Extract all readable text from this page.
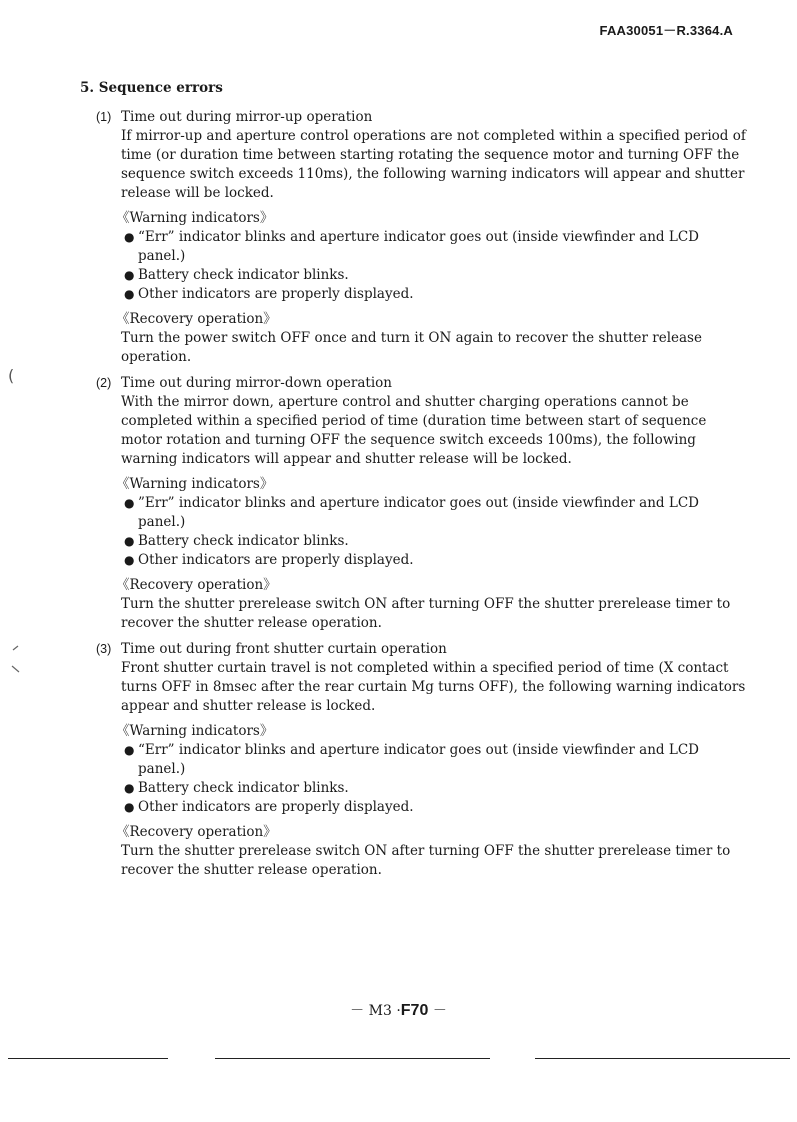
FAA30051－R.3364.A
5. Sequence errors
(1) Time out during mirror-up operation
If mirror-up and aperture control operations are not completed within a specified period of time (or duration time between starting rotating the sequence motor and turning OFF the sequence switch exceeds 110ms), the following warning indicators will appear and shutter release will be locked.
《Warning indicators》
● “Err” indicator blinks and aperture indicator goes out (inside viewfinder and LCD panel.)
● Battery check indicator blinks.
● Other indicators are properly displayed.
《Recovery operation》
Turn the power switch OFF once and turn it ON again to recover the shutter release operation.
(2) Time out during mirror-down operation
With the mirror down, aperture control and shutter charging operations cannot be completed within a specified period of time (duration time between start of sequence motor rotation and turning OFF the sequence switch exceeds 100ms), the following warning indicators will appear and shutter release will be locked.
《Warning indicators》
● ”Err” indicator blinks and aperture indicator goes out (inside viewfinder and LCD panel.)
● Battery check indicator blinks.
● Other indicators are properly displayed.
《Recovery operation》
Turn the shutter prerelease switch ON after turning OFF the shutter prerelease timer to recover the shutter release operation.
(3) Time out during front shutter curtain operation
Front shutter curtain travel is not completed within a specified period of time (X contact turns OFF in 8msec after the rear curtain Mg turns OFF), the following warning indicators appear and shutter release is locked.
《Warning indicators》
● “Err” indicator blinks and aperture indicator goes out (inside viewfinder and LCD panel.)
● Battery check indicator blinks.
● Other indicators are properly displayed.
《Recovery operation》
Turn the shutter prerelease switch ON after turning OFF the shutter prerelease timer to recover the shutter release operation.
－ M3 ·F70 －
(
